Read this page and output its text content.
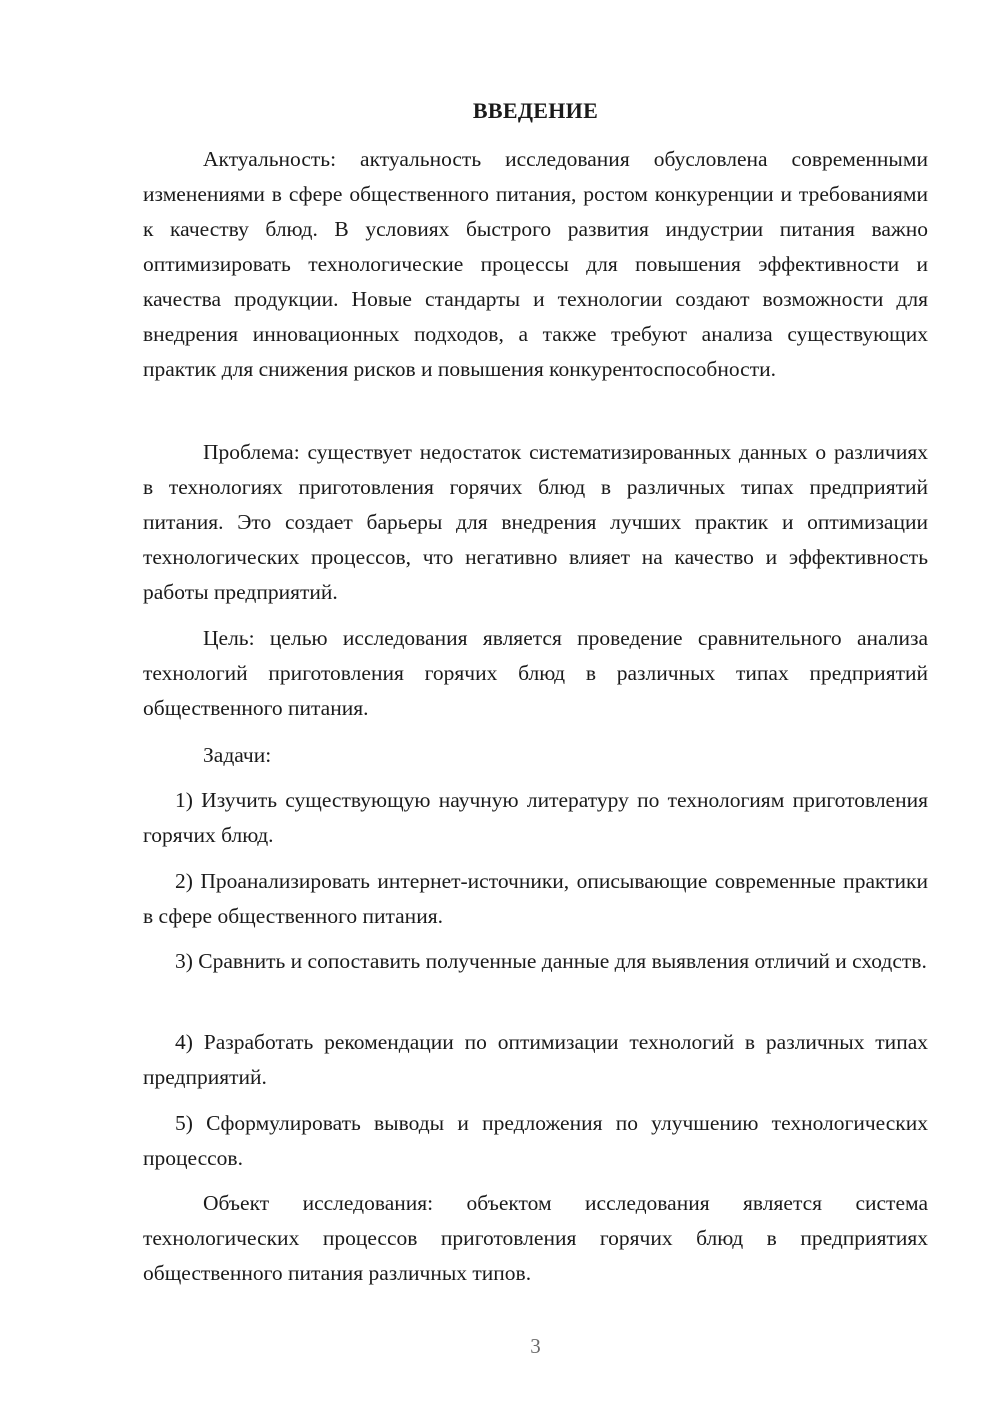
ВВЕДЕНИЕ

Актуальность: актуальность исследования обусловлена современными изменениями в сфере общественного питания, ростом конкуренции и требованиями к качеству блюд. В условиях быстрого развития индустрии питания важно оптимизировать технологические процессы для повышения эффективности и качества продукции. Новые стандарты и технологии создают возможности для внедрения инновационных подходов, а также требуют анализа существующих практик для снижения рисков и повышения конкурентоспособности.

Проблема: существует недостаток систематизированных данных о различиях в технологиях приготовления горячих блюд в различных типах предприятий питания. Это создает барьеры для внедрения лучших практик и оптимизации технологических процессов, что негативно влияет на качество и эффективность работы предприятий.

Цель: целью исследования является проведение сравнительного анализа технологий приготовления горячих блюд в различных типах предприятий общественного питания.

Задачи:

1) Изучить существующую научную литературу по технологиям приготовления горячих блюд.

2) Проанализировать интернет-источники, описывающие современные практики в сфере общественного питания.

3) Сравнить и сопоставить полученные данные для выявления отличий и сходств.

4) Разработать рекомендации по оптимизации технологий в различных типах предприятий.

5) Сформулировать выводы и предложения по улучшению технологических процессов.

Объект исследования: объектом исследования является система технологических процессов приготовления горячих блюд в предприятиях общественного питания различных типов.

3
